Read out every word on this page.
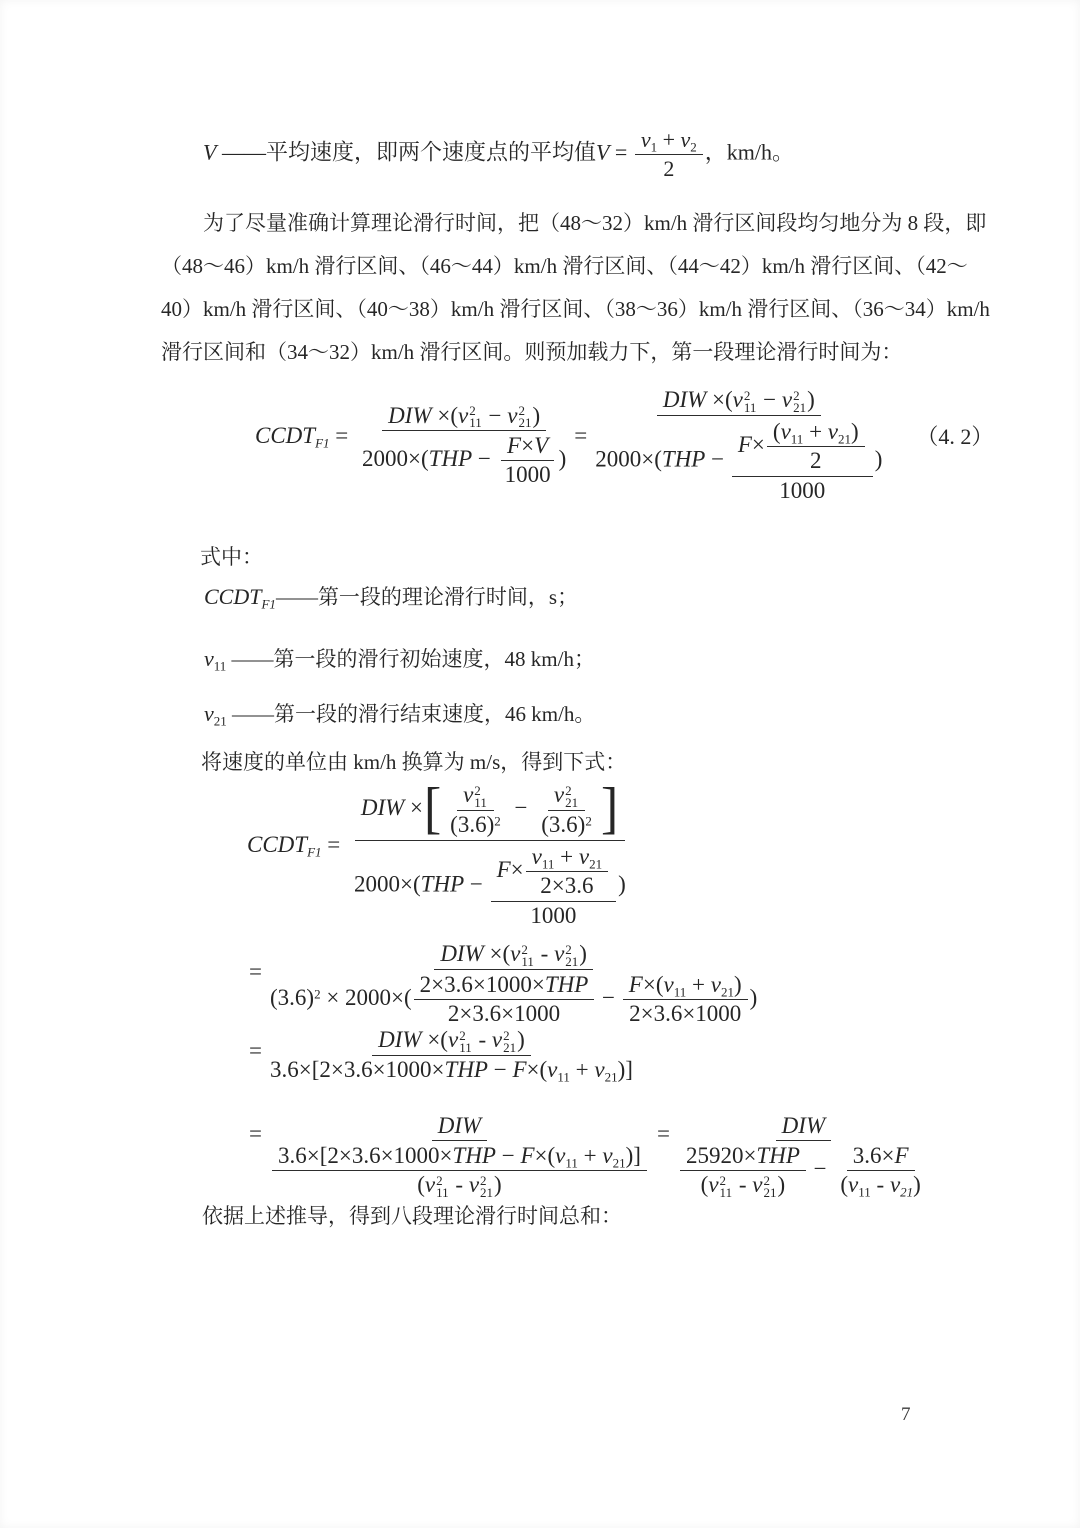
V ——平均速度，即两个速度点的平均值$V = \frac{v_1 + v_2}{2}$ ，km/h。
为了尽量准确计算理论滑行时间，把（48～32）km/h 滑行区间段均匀地分为 8 段，即
（48～46）km/h 滑行区间、（46～44）km/h 滑行区间、（44～42）km/h 滑行区间、（42～
40）km/h 滑行区间、（40～38）km/h 滑行区间、（38～36）km/h 滑行区间、（36～34）km/h
滑行区间和（34～32）km/h 滑行区间。则预加载力下，第一段理论滑行时间为：
$CCDT_{F1}$ = DIW ×(v 2
11 − v 2
21 )
$2000\times(THP - \frac{F\times V}{1000}$ ) = DIW ×(v 2
11 − v 2
21 )
$2000\times(THP - \frac{F\times \frac{(v_{11} + v_{21})}{2}}{1000}$ ) （4. 2）
式中：
$CCDT_{F1}——$第一段的理论滑行时间，s；
$v_{11}$ ——第一段的滑行初始速度，48 km/h；
$v_{21}$ ——第一段的滑行结束速度，46 km/h。
将速度的单位由 km/h 换算为 m/s，得到下式：
$CCDT_{F1}$ = DIW ×[ v 2
11
$(3.6)^2 - v$ 2
21
$(3.6)^2$ ]
$2000\times(THP - \frac{F\times \frac{v_{11} + v_{21}}{2\times 3.6}}{1000}$ )
=
DIW ×(v 2
11 - v 2
21 )
$(3.6)^2 \times 2000\times( \frac{\text{2×3.6×1000×THP}}{2\times 3.6\times 1000} - \frac{F\times(v_{11} + v_{21})}{2\times 3.6\times 1000}$ )
= DIW ×(v 2
11 - v 2
21 )
$3.6\times[2\times 3.6\times 1000\times THP - F\times(v_{11} + v_{21})]$
= DIW
$3.6\times[2\times 3.6\times 1000\times THP - F\times(v_{11} + v_{21})]$
(v 2
11 - v 2
21 ) = DIW
25920×THP
(v 2
11 - v 2
21 ) − $\frac{3.6\times F}{(v_{11} - v_{21})}$
依据上述推导，得到八段理论滑行时间总和：
7
